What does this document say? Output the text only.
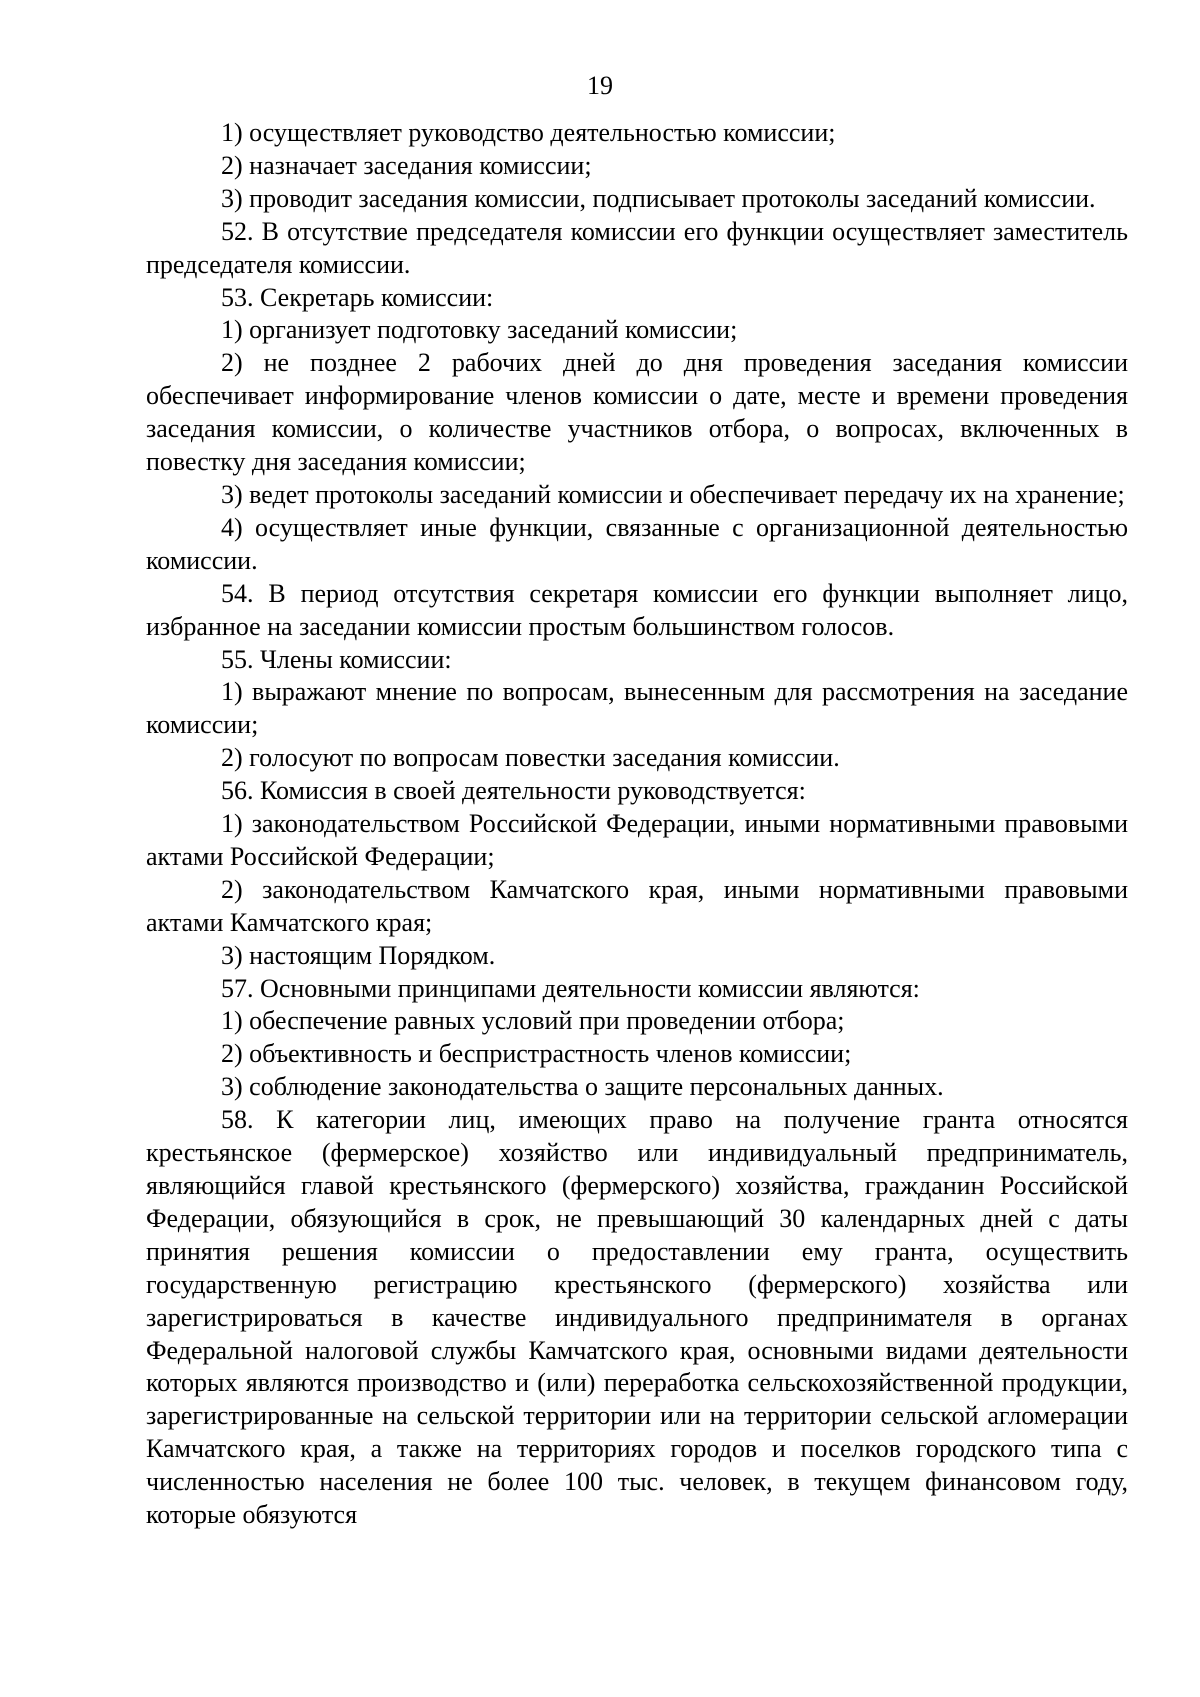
19

1) осуществляет руководство деятельностью комиссии;

2) назначает заседания комиссии;

3) проводит заседания комиссии, подписывает протоколы заседаний комиссии.

52. В отсутствие председателя комиссии его функции осуществляет заместитель председателя комиссии.

53. Секретарь комиссии:

1) организует подготовку заседаний комиссии;

2) не позднее 2 рабочих дней до дня проведения заседания комиссии обеспечивает информирование членов комиссии о дате, месте и времени проведения заседания комиссии, о количестве участников отбора, о вопросах, включенных в повестку дня заседания комиссии;

3) ведет протоколы заседаний комиссии и обеспечивает передачу их на хранение;

4) осуществляет иные функции, связанные с организационной деятельностью комиссии.

54. В период отсутствия секретаря комиссии его функции выполняет лицо, избранное на заседании комиссии простым большинством голосов.

55. Члены комиссии:

1) выражают мнение по вопросам, вынесенным для рассмотрения на заседание комиссии;

2) голосуют по вопросам повестки заседания комиссии.

56. Комиссия в своей деятельности руководствуется:

1) законодательством Российской Федерации, иными нормативными правовыми актами Российской Федерации;

2) законодательством Камчатского края, иными нормативными правовыми актами Камчатского края;

3) настоящим Порядком.

57. Основными принципами деятельности комиссии являются:

1) обеспечение равных условий при проведении отбора;

2) объективность и беспристрастность членов комиссии;

3) соблюдение законодательства о защите персональных данных.

58. К категории лиц, имеющих право на получение гранта относятся крестьянское (фермерское) хозяйство или индивидуальный предприниматель, являющийся главой крестьянского (фермерского) хозяйства, гражданин Российской Федерации, обязующийся в срок, не превышающий 30 календарных дней с даты принятия решения комиссии о предоставлении ему гранта, осуществить государственную регистрацию крестьянского (фермерского) хозяйства или зарегистрироваться в качестве индивидуального предпринимателя в органах Федеральной налоговой службы Камчатского края, основными видами деятельности которых являются производство и (или) переработка сельскохозяйственной продукции, зарегистрированные на сельской территории или на территории сельской агломерации Камчатского края, а также на территориях городов и поселков городского типа с численностью населения не более 100 тыс. человек, в текущем финансовом году, которые обязуются
